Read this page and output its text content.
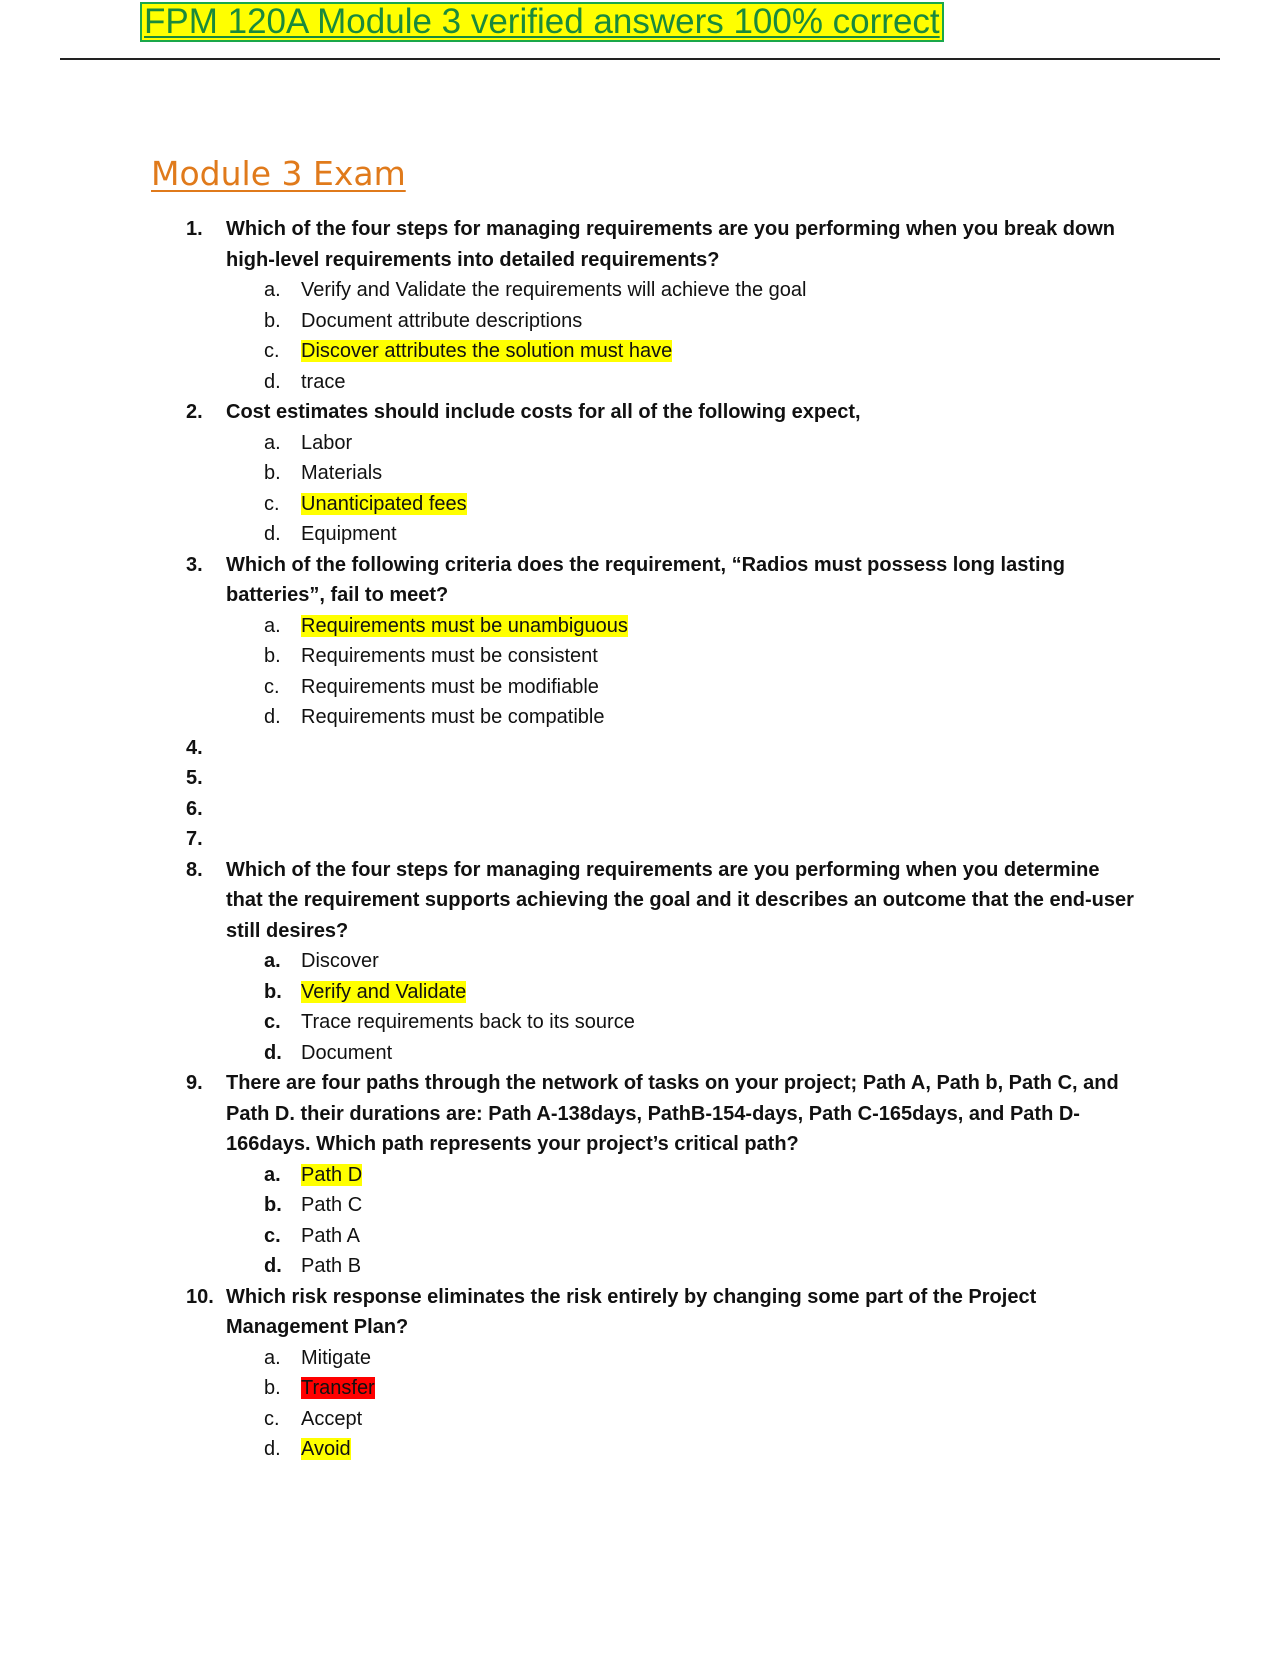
FPM 120A Module 3 verified answers 100% correct
Module 3 Exam
1.	Which of the four steps for managing requirements are you performing when you break down high-level requirements into detailed requirements?
a.	Verify and Validate the requirements will achieve the goal
b.	Document attribute descriptions
c.	Discover attributes the solution must have
d.	trace
2.	Cost estimates should include costs for all of the following expect,
a.	Labor
b.	Materials
c.	Unanticipated fees
d.	Equipment
3.	Which of the following criteria does the requirement, “Radios must possess long lasting batteries”, fail to meet?
a.	Requirements must be unambiguous
b.	Requirements must be consistent
c.	Requirements must be modifiable
d.	Requirements must be compatible
4.
5.
6.
7.
8.	Which of the four steps for managing requirements are you performing when you determine that the requirement supports achieving the goal and it describes an outcome that the end-user still desires?
a.	Discover
b. Verify and Validate
c.	Trace requirements back to its source
d. Document
9.	There are four paths through the network of tasks on your project; Path A, Path b, Path C, and Path D. their durations are: Path A-138days, PathB-154-days, Path C-165days, and Path D-166days. Which path represents your project’s critical path?
a.	Path D
b. Path C
c.	Path A
d. Path B
10. Which risk response eliminates the risk entirely by changing some part of the Project Management Plan?
a.	Mitigate
b.	Transfer
c.	Accept
d.	Avoid
